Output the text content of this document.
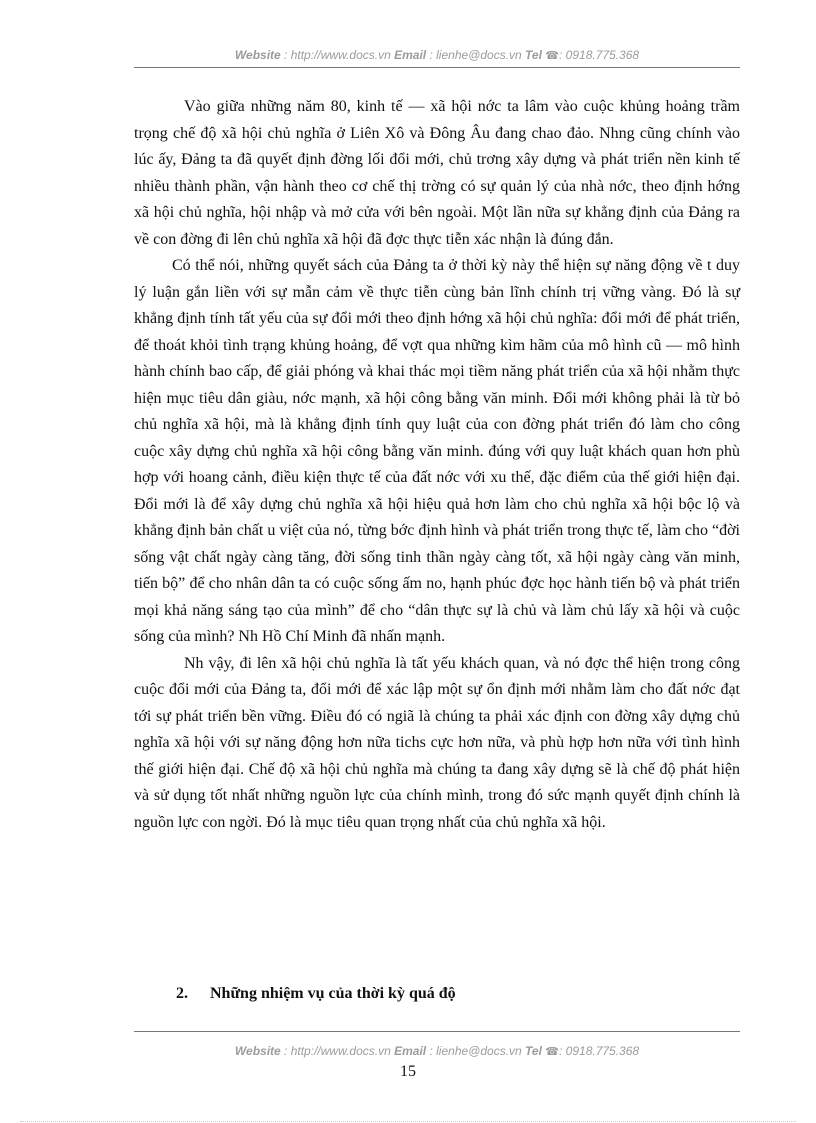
Website : http://www.docs.vn Email : lienhe@docs.vn Tel ☎: 0918.775.368

Vào giữa những năm 80, kinh tế — xã hội nớc ta lâm vào cuộc khủng hoảng trầm trọng chế độ xã hội chủ nghĩa ở Liên Xô và Đông Âu đang chao đảo. Nhng cũng chính vào lúc ấy, Đảng ta đã quyết định đờng lối đổi mới, chủ trơng xây dựng và phát triển nền kinh tế nhiều thành phần, vận hành theo cơ chế thị trờng có sự quản lý của nhà nớc, theo định hớng xã hội chủ nghĩa, hội nhập và mở cửa với bên ngoài. Một lần nữa sự khẳng định của Đảng ra về con đờng đi lên chủ nghĩa xã hội đã đợc thực tiễn xác nhận là đúng đắn.

Có thể nói, những quyết sách của Đảng ta ở thời kỳ này thể hiện sự năng động về t duy lý luận gắn liền với sự mẫn cảm về thực tiễn cùng bản lĩnh chính trị vững vàng. Đó là sự khẳng định tính tất yếu của sự đổi mới theo định hớng xã hội chủ nghĩa: đổi mới để phát triển, để thoát khỏi tình trạng khủng hoảng, để vợt qua những kìm hãm của mô hình cũ — mô hình hành chính bao cấp, để giải phóng và khai thác mọi tiềm năng phát triển của xã hội nhằm thực hiện mục tiêu dân giàu, nớc mạnh, xã hội công bằng văn minh. Đổi mới không phải là từ bỏ chủ nghĩa xã hội, mà là khẳng định tính quy luật của con đờng phát triển đó làm cho công cuộc xây dựng chủ nghĩa xã hội công bằng văn minh. đúng với quy luật khách quan hơn phù hợp với hoang cảnh, điều kiện thực tế của đất nớc với xu thế, đặc điểm của thế giới hiện đại. Đổi mới là để xây dựng chủ nghĩa xã hội hiệu quả hơn làm cho chủ nghĩa xã hội bộc lộ và khẳng định bản chất u việt của nó, từng bớc định hình và phát triển trong thực tế, làm cho “đời sống vật chất ngày càng tăng, đời sống tinh thần ngày càng tốt, xã hội ngày càng văn minh, tiến bộ” để cho nhân dân ta có cuộc sống ấm no, hạnh phúc đợc học hành tiến bộ và phát triển mọi khả năng sáng tạo của mình” để cho “dân thực sự là chủ và làm chủ lấy xã hội và cuộc sống của mình? Nh Hồ Chí Minh đã nhấn mạnh.

Nh vậy, đi lên xã hội chủ nghĩa là tất yếu khách quan, và nó đợc thể hiện trong công cuộc đổi mới của Đảng ta, đổi mới để xác lập một sự ổn định mới nhằm làm cho đất nớc đạt tới sự phát triển bền vững. Điều đó có ngiã là chúng ta phải xác định con đờng xây dựng chủ nghĩa xã hội với sự năng động hơn nữa tichs cực hơn nữa, và phù hợp hơn nữa với tình hình thế giới hiện đại. Chế độ xã hội chủ nghĩa mà chúng ta đang xây dựng sẽ là chế độ phát hiện và sử dụng tốt nhất những nguồn lực của chính mình, trong đó sức mạnh quyết định chính là nguồn lực con ngời. Đó là mục tiêu quan trọng nhất của chủ nghĩa xã hội.

2. Những nhiệm vụ của thời kỳ quá độ
Website : http://www.docs.vn Email : lienhe@docs.vn Tel ☎: 0918.775.368
15
